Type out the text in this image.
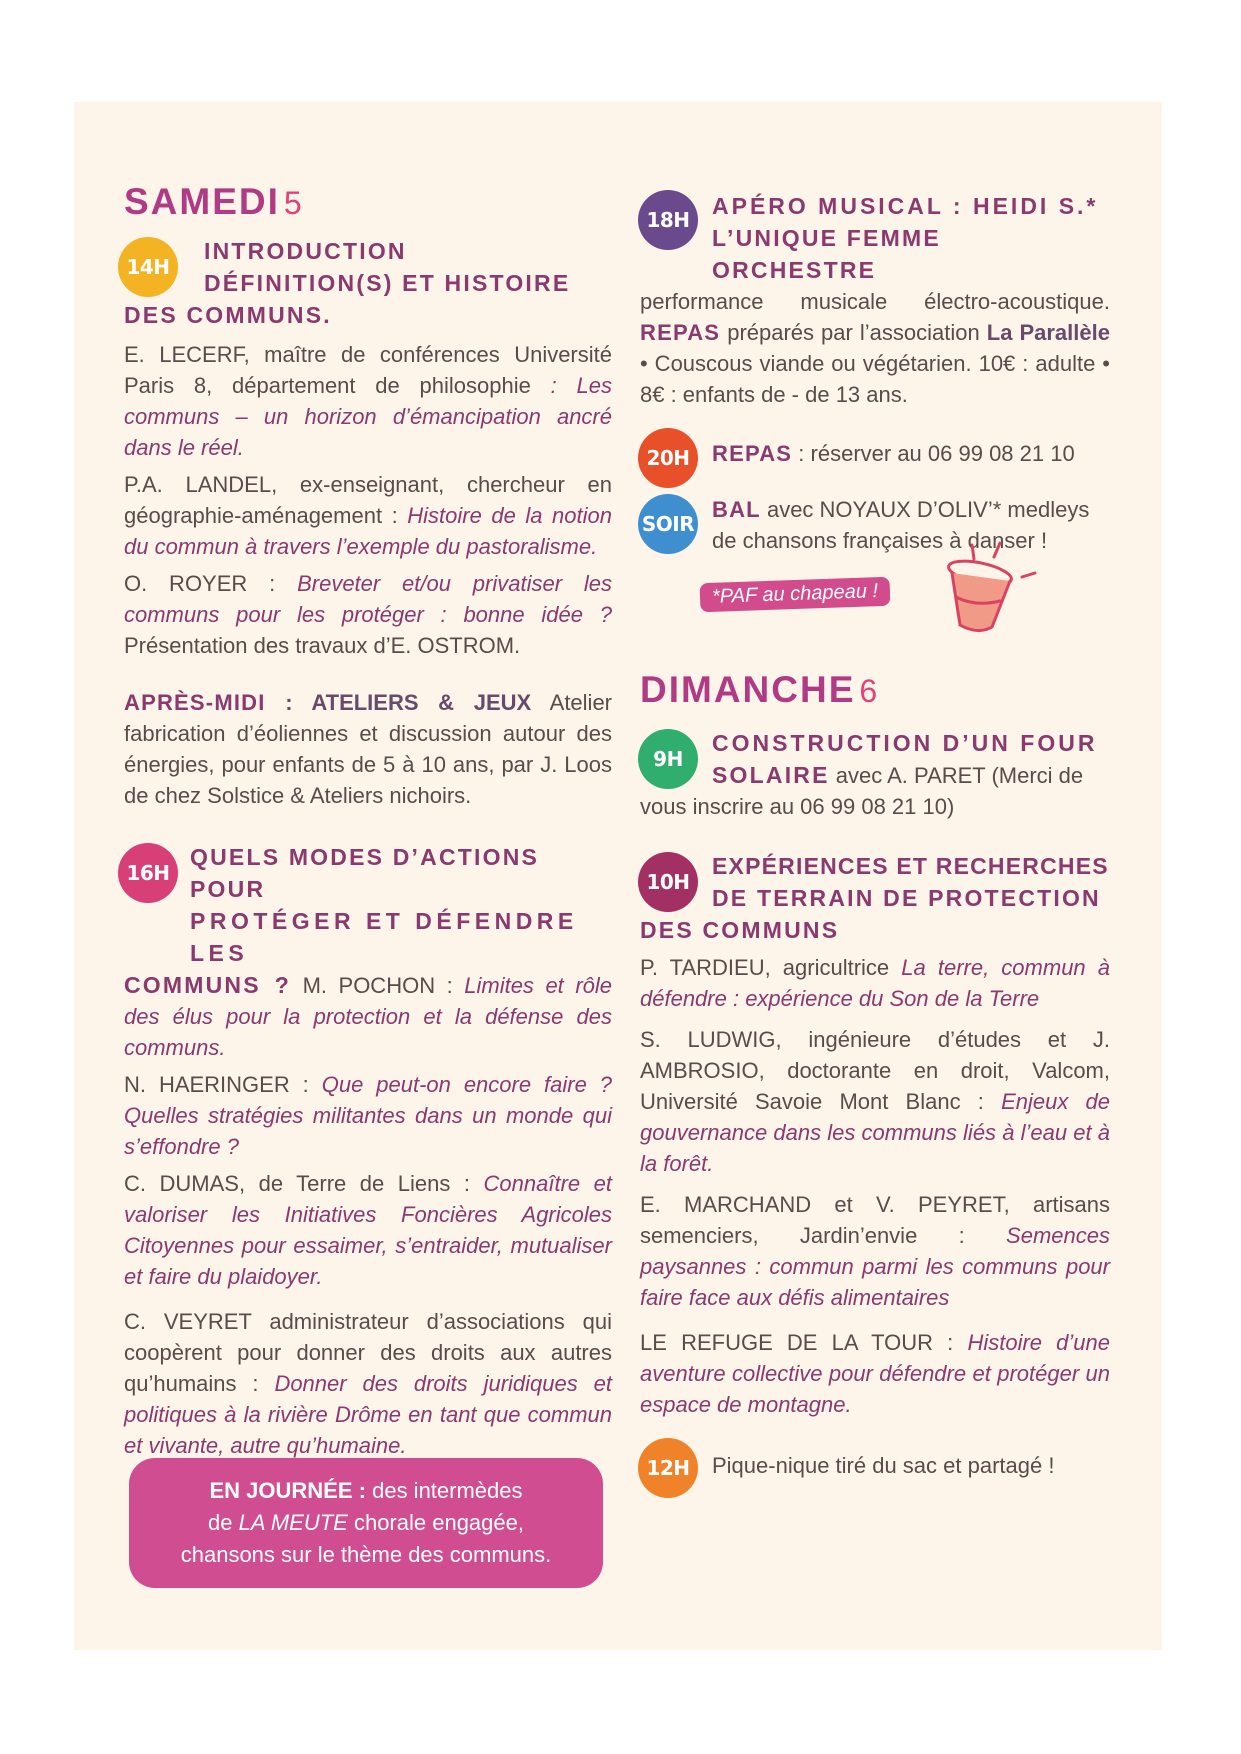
SAMEDI 5
14H
INTRODUCTION
DÉFINITION(S) ET HISTOIRE
DES COMMUNS.

E. LECERF, maître de conférences Université Paris 8, département de philosophie : Les communs – un horizon d’émancipation ancré dans le réel.

P.A. LANDEL, ex-enseignant, chercheur en géographie-aménagement : Histoire de la notion du commun à travers l’exemple du pastoralisme.

O. ROYER : Breveter et/ou privatiser les communs pour les protéger : bonne idée ? Présentation des travaux d’E. OSTROM.

APRÈS-MIDI : ATELIERS & JEUX Atelier fabrication d’éoliennes et discussion autour des énergies, pour enfants de 5 à 10 ans, par J. Loos de chez Solstice & Ateliers nichoirs.

16H
QUELS MODES D’ACTIONS POUR
PROTÉGER ET DÉFENDRE LES

COMMUNS ? M. POCHON : Limites et rôle des élus pour la protection et la défense des communs.

N. HAERINGER : Que peut-on encore faire ? Quelles stratégies militantes dans un monde qui s’effondre ?

C. DUMAS, de Terre de Liens : Connaître et valoriser les Initiatives Foncières Agricoles Citoyennes pour essaimer, s’entraider, mutualiser et faire du plaidoyer.

C. VEYRET administrateur d’associations qui coopèrent pour donner des droits aux autres qu’humains : Donner des droits juridiques et politiques à la rivière Drôme en tant que commun et vivante, autre qu’humaine.

EN JOURNÉE : des intermèdes
de LA MEUTE chorale engagée,
chansons sur le thème des communs.
18H
APÉRO MUSICAL : HEIDI S.*
L’UNIQUE FEMME ORCHESTRE

performance musicale électro-acoustique. REPAS préparés par l’association La Parallèle • Couscous viande ou végétarien. 10€ : adulte • 8€ : enfants de - de 13 ans.

20H	REPAS : réserver au 06 99 08 21 10

SOIR

BAL avec NOYAUX D’OLIV’* medleys de chansons françaises à danser !

*PAF au chapeau !
DIMANCHE 6
9H
CONSTRUCTION D’UN FOUR

SOLAIRE avec A. PARET (Merci de

vous inscrire au 06 99 08 21 10)

10H
EXPÉRIENCES ET RECHERCHES
DE TERRAIN DE PROTECTION
DES COMMUNS

P. TARDIEU, agricultrice La terre, commun à défendre : expérience du Son de la Terre

S. LUDWIG, ingénieure d’études et J. AMBROSIO, doctorante en droit, Valcom, Université Savoie Mont Blanc : Enjeux de gouvernance dans les communs liés à l’eau et à la forêt.

E. MARCHAND et V. PEYRET, artisans semenciers, Jardin’envie : Semences paysannes : commun parmi les communs pour faire face aux défis alimentaires

LE REFUGE DE LA TOUR : Histoire d’une aventure collective pour défendre et protéger un espace de montagne.

12H	Pique-nique tiré du sac et partagé !
